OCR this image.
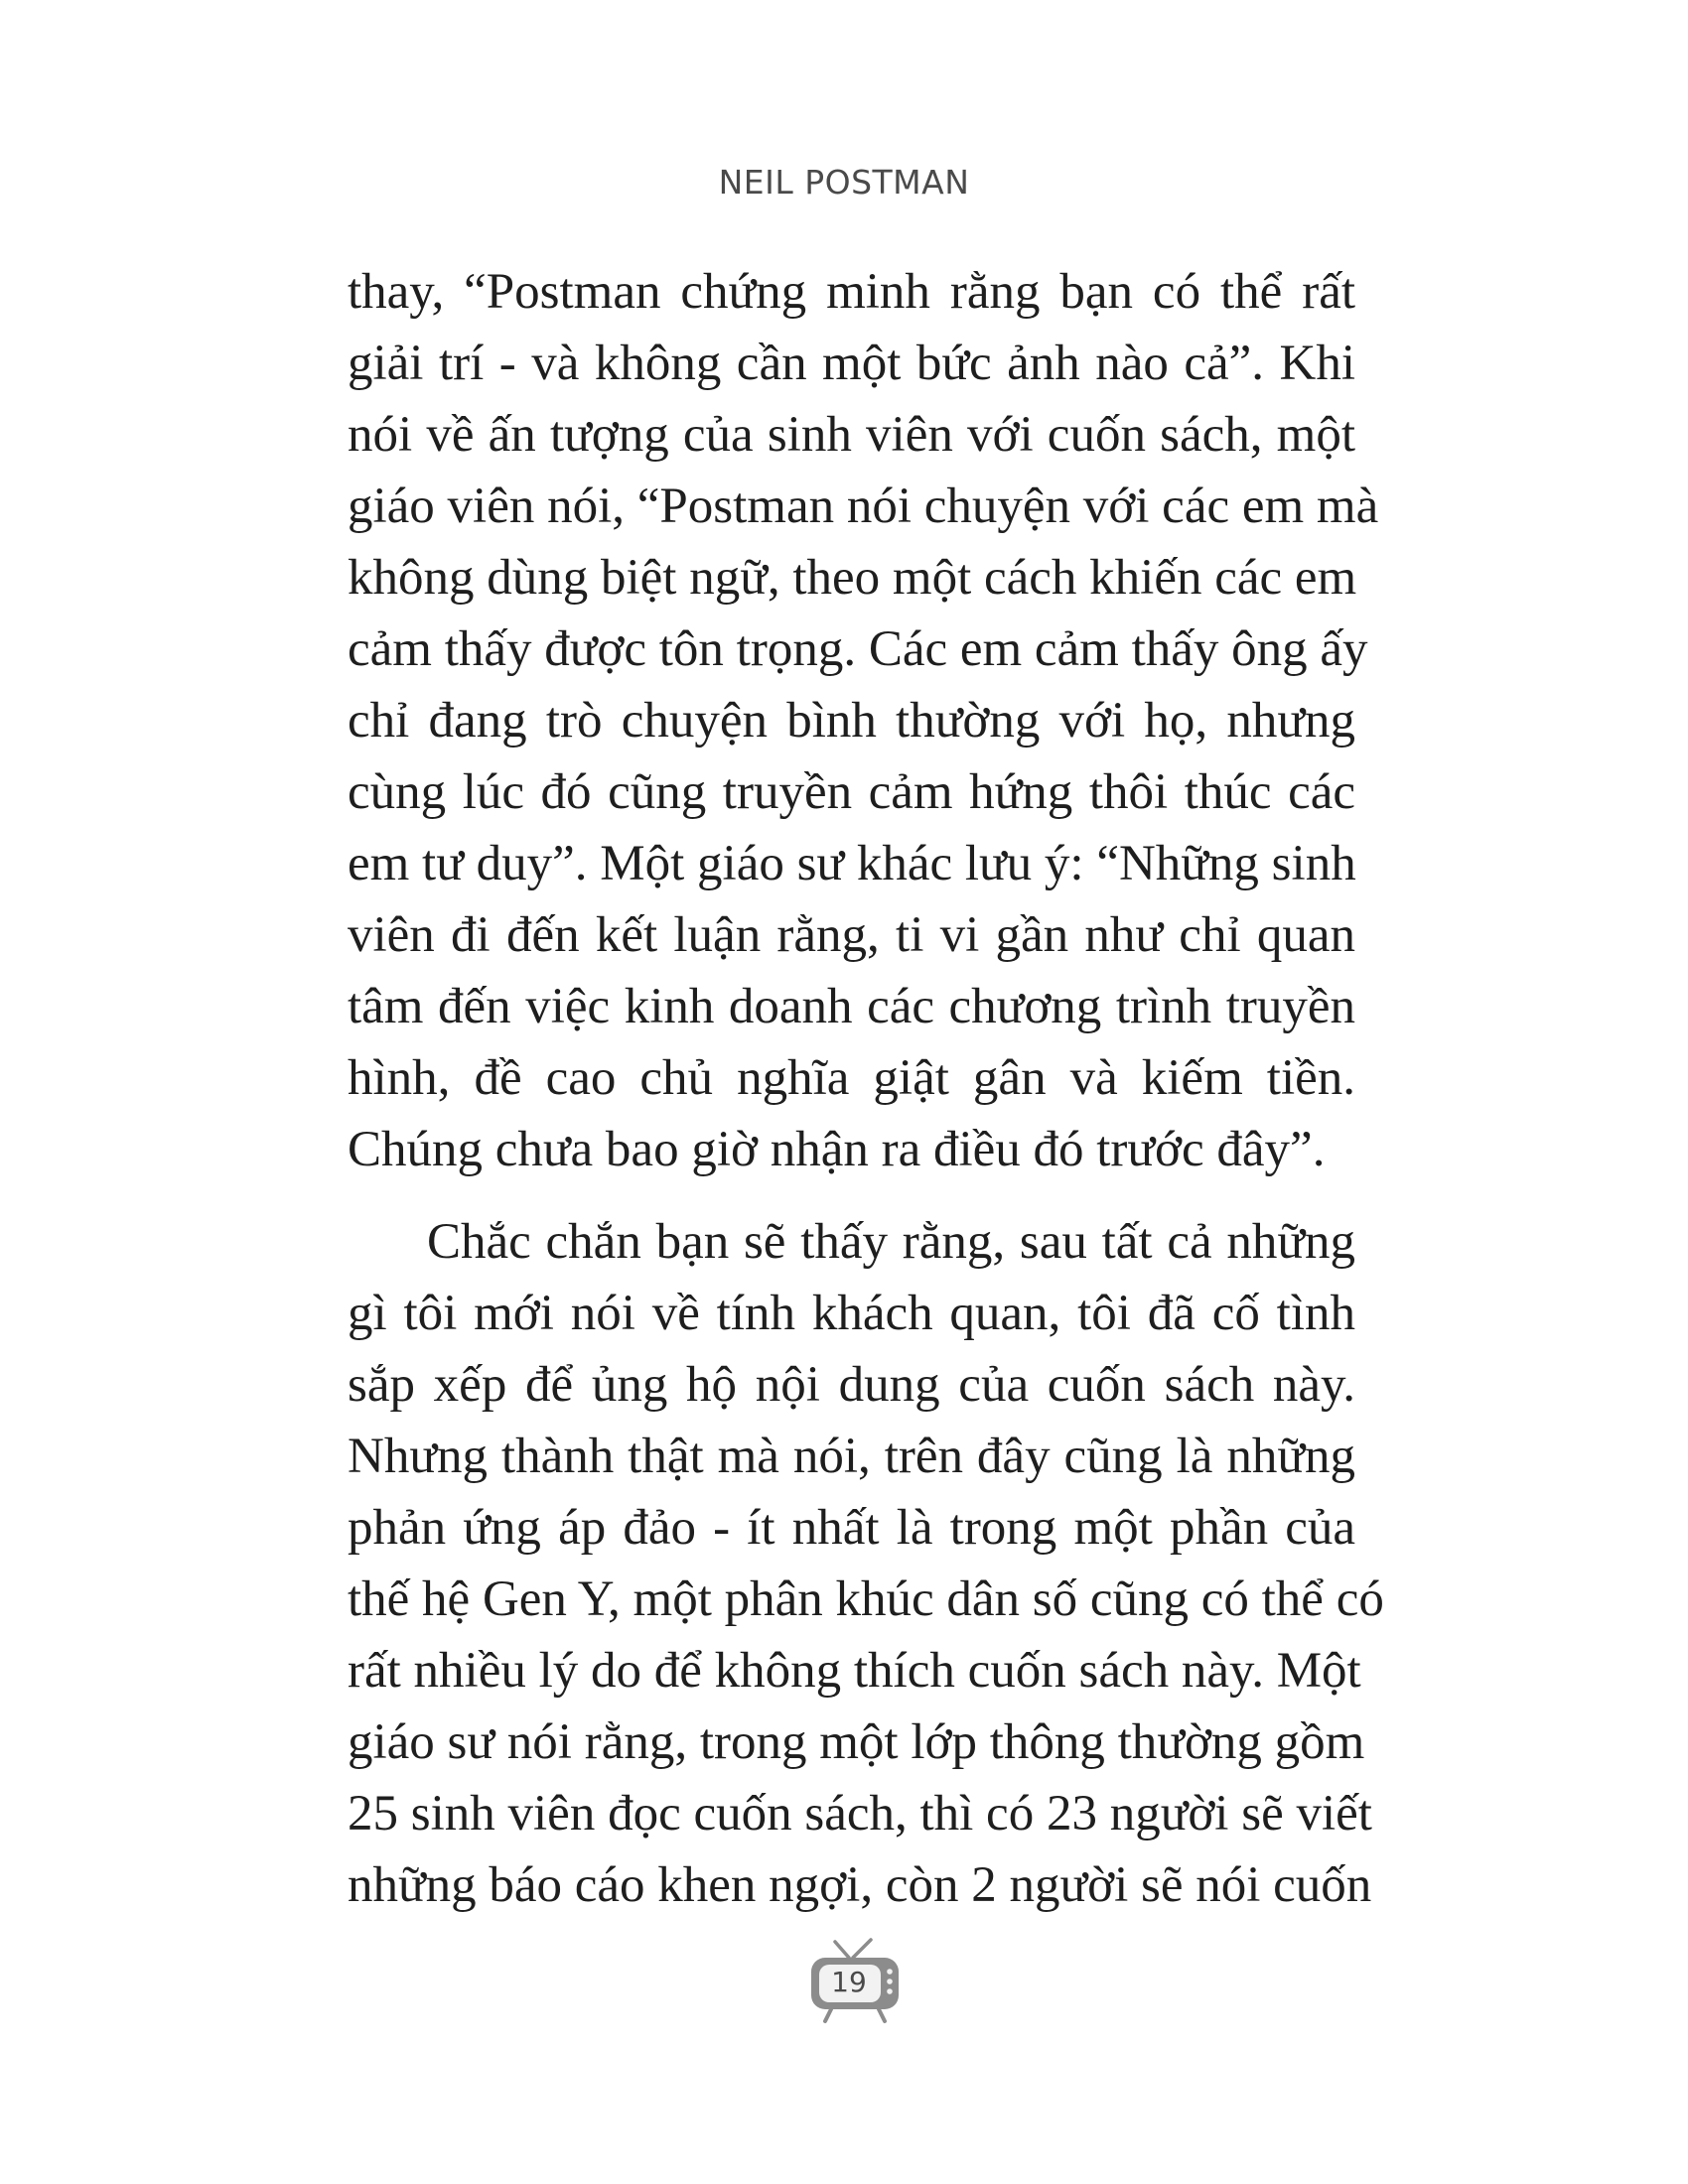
NEIL POSTMAN
thay, “Postman chứng minh rằng bạn có thể rất
giải trí - và không cần một bức ảnh nào cả”. Khi
nói về ấn tượng của sinh viên với cuốn sách, một
giáo viên nói, “Postman nói chuyện với các em mà
không dùng biệt ngữ, theo một cách khiến các em
cảm thấy được tôn trọng. Các em cảm thấy ông ấy
chỉ đang trò chuyện bình thường với họ, nhưng
cùng lúc đó cũng truyền cảm hứng thôi thúc các
em tư duy”. Một giáo sư khác lưu ý: “Những sinh
viên đi đến kết luận rằng, ti vi gần như chỉ quan
tâm đến việc kinh doanh các chương trình truyền
hình, đề cao chủ nghĩa giật gân và kiếm tiền.
Chúng chưa bao giờ nhận ra điều đó trước đây”.
Chắc chắn bạn sẽ thấy rằng, sau tất cả những
gì tôi mới nói về tính khách quan, tôi đã cố tình
sắp xếp để ủng hộ nội dung của cuốn sách này.
Nhưng thành thật mà nói, trên đây cũng là những
phản ứng áp đảo - ít nhất là trong một phần của
thế hệ Gen Y, một phân khúc dân số cũng có thể có
rất nhiều lý do để không thích cuốn sách này. Một
giáo sư nói rằng, trong một lớp thông thường gồm
25 sinh viên đọc cuốn sách, thì có 23 người sẽ viết
những báo cáo khen ngợi, còn 2 người sẽ nói cuốn
19
